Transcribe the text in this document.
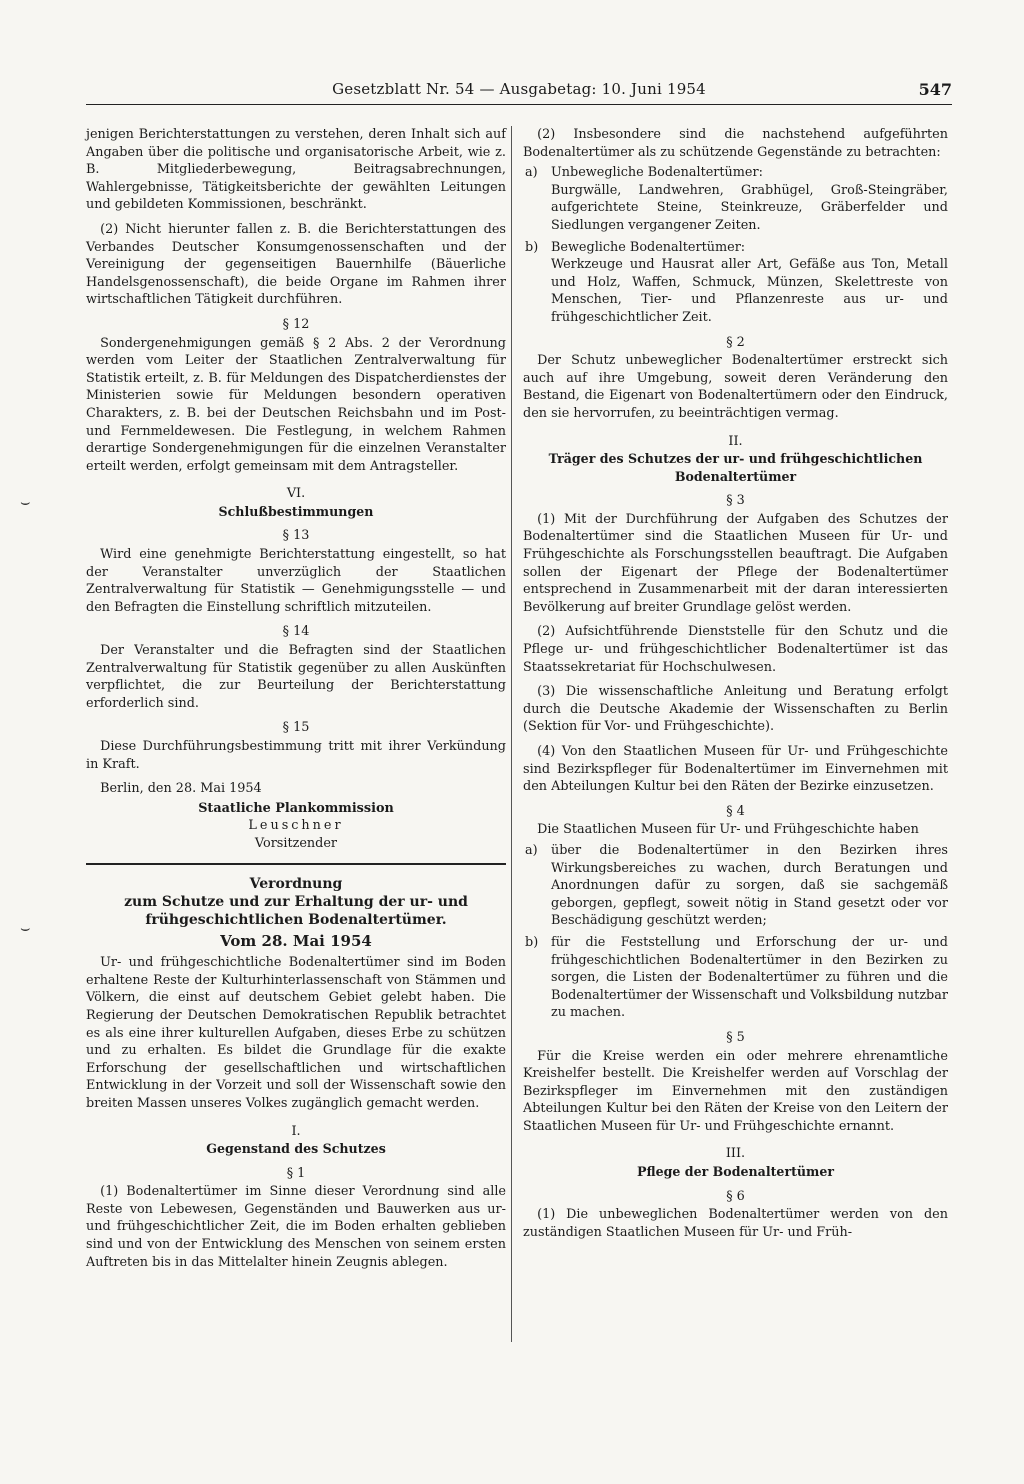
Gesetzblatt Nr. 54 — Ausgabetag: 10. Juni 1954	547
⌣
⌣

jenigen Berichterstattungen zu verstehen, deren Inhalt sich auf Angaben über die politische und organisatorische Arbeit, wie z. B. Mitgliederbewegung, Beitragsabrechnungen, Wahlergebnisse, Tätigkeitsberichte der gewählten Leitungen und gebildeten Kommissionen, beschränkt.

(2) Nicht hierunter fallen z. B. die Berichterstattungen des Verbandes Deutscher Konsumgenossenschaften und der Vereinigung der gegenseitigen Bauernhilfe (Bäuerliche Handelsgenossenschaft), die beide Organe im Rahmen ihrer wirtschaftlichen Tätigkeit durchführen.

§ 12

Sondergenehmigungen gemäß § 2 Abs. 2 der Verordnung werden vom Leiter der Staatlichen Zentralverwaltung für Statistik erteilt, z. B. für Meldungen des Dispatcherdienstes der Ministerien sowie für Meldungen besondern operativen Charakters, z. B. bei der Deutschen Reichsbahn und im Post- und Fernmeldewesen. Die Festlegung, in welchem Rahmen derartige Sondergenehmigungen für die einzelnen Veranstalter erteilt werden, erfolgt gemeinsam mit dem Antragsteller.

VI.
Schlußbestimmungen
§ 13

Wird eine genehmigte Berichterstattung eingestellt, so hat der Veranstalter unverzüglich der Staatlichen Zentralverwaltung für Statistik — Genehmigungsstelle — und den Befragten die Einstellung schriftlich mitzuteilen.

§ 14

Der Veranstalter und die Befragten sind der Staatlichen Zentralverwaltung für Statistik gegenüber zu allen Auskünften verpflichtet, die zur Beurteilung der Berichterstattung erforderlich sind.

§ 15

Diese Durchführungsbestimmung tritt mit ihrer Verkündung in Kraft.

Berlin, den 28. Mai 1954

Staatliche Plankommission
Leuschner
Vorsitzender
Verordnung
zum Schutze und zur Erhaltung der ur- und frühgeschichtlichen Bodenaltertümer.
Vom 28. Mai 1954

Ur- und frühgeschichtliche Bodenaltertümer sind im Boden erhaltene Reste der Kulturhinterlassenschaft von Stämmen und Völkern, die einst auf deutschem Gebiet gelebt haben. Die Regierung der Deutschen Demokratischen Republik betrachtet es als eine ihrer kulturellen Aufgaben, dieses Erbe zu schützen und zu erhalten. Es bildet die Grundlage für die exakte Erforschung der gesellschaftlichen und wirtschaftlichen Entwicklung in der Vorzeit und soll der Wissenschaft sowie den breiten Massen unseres Volkes zugänglich gemacht werden.

I.
Gegenstand des Schutzes
§ 1

(1) Bodenaltertümer im Sinne dieser Verordnung sind alle Reste von Lebewesen, Gegenständen und Bauwerken aus ur- und frühgeschichtlicher Zeit, die im Boden erhalten geblieben sind und von der Entwicklung des Menschen von seinem ersten Auftreten bis in das Mittelalter hinein Zeugnis ablegen.

(2) Insbesondere sind die nachstehend aufgeführten Bodenaltertümer als zu schützende Gegenstände zu betrachten:

a)	Unbewegliche Bodenaltertümer:
Burgwälle, Landwehren, Grabhügel, Groß-Steingräber, aufgerichtete Steine, Steinkreuze, Gräberfelder und Siedlungen vergangener Zeiten.
b)	Bewegliche Bodenaltertümer:
Werkzeuge und Hausrat aller Art, Gefäße aus Ton, Metall und Holz, Waffen, Schmuck, Münzen, Skelettreste von Menschen, Tier- und Pflanzenreste aus ur- und frühgeschichtlicher Zeit.
§ 2

Der Schutz unbeweglicher Bodenaltertümer erstreckt sich auch auf ihre Umgebung, soweit deren Veränderung den Bestand, die Eigenart von Bodenaltertümern oder den Eindruck, den sie hervorrufen, zu beeinträchtigen vermag.

II.
Träger des Schutzes der ur- und frühgeschichtlichen Bodenaltertümer
§ 3

(1) Mit der Durchführung der Aufgaben des Schutzes der Bodenaltertümer sind die Staatlichen Museen für Ur- und Frühgeschichte als Forschungsstellen beauftragt. Die Aufgaben sollen der Eigenart der Pflege der Bodenaltertümer entsprechend in Zusammenarbeit mit der daran interessierten Bevölkerung auf breiter Grundlage gelöst werden.

(2) Aufsichtführende Dienststelle für den Schutz und die Pflege ur- und frühgeschichtlicher Bodenaltertümer ist das Staatssekretariat für Hochschulwesen.

(3) Die wissenschaftliche Anleitung und Beratung erfolgt durch die Deutsche Akademie der Wissenschaften zu Berlin (Sektion für Vor- und Frühgeschichte).

(4) Von den Staatlichen Museen für Ur- und Frühgeschichte sind Bezirkspfleger für Bodenaltertümer im Einvernehmen mit den Abteilungen Kultur bei den Räten der Bezirke einzusetzen.

§ 4

Die Staatlichen Museen für Ur- und Frühgeschichte haben

a)	über die Bodenaltertümer in den Bezirken ihres Wirkungsbereiches zu wachen, durch Beratungen und Anordnungen dafür zu sorgen, daß sie sachgemäß geborgen, gepflegt, soweit nötig in Stand gesetzt oder vor Beschädigung geschützt werden;
b)	für die Feststellung und Erforschung der ur- und frühgeschichtlichen Bodenaltertümer in den Bezirken zu sorgen, die Listen der Bodenaltertümer zu führen und die Bodenaltertümer der Wissenschaft und Volksbildung nutzbar zu machen.
§ 5

Für die Kreise werden ein oder mehrere ehrenamtliche Kreishelfer bestellt. Die Kreishelfer werden auf Vorschlag der Bezirkspfleger im Einvernehmen mit den zuständigen Abteilungen Kultur bei den Räten der Kreise von den Leitern der Staatlichen Museen für Ur- und Frühgeschichte ernannt.

III.
Pflege der Bodenaltertümer
§ 6

(1) Die unbeweglichen Bodenaltertümer werden von den zuständigen Staatlichen Museen für Ur- und Früh-
